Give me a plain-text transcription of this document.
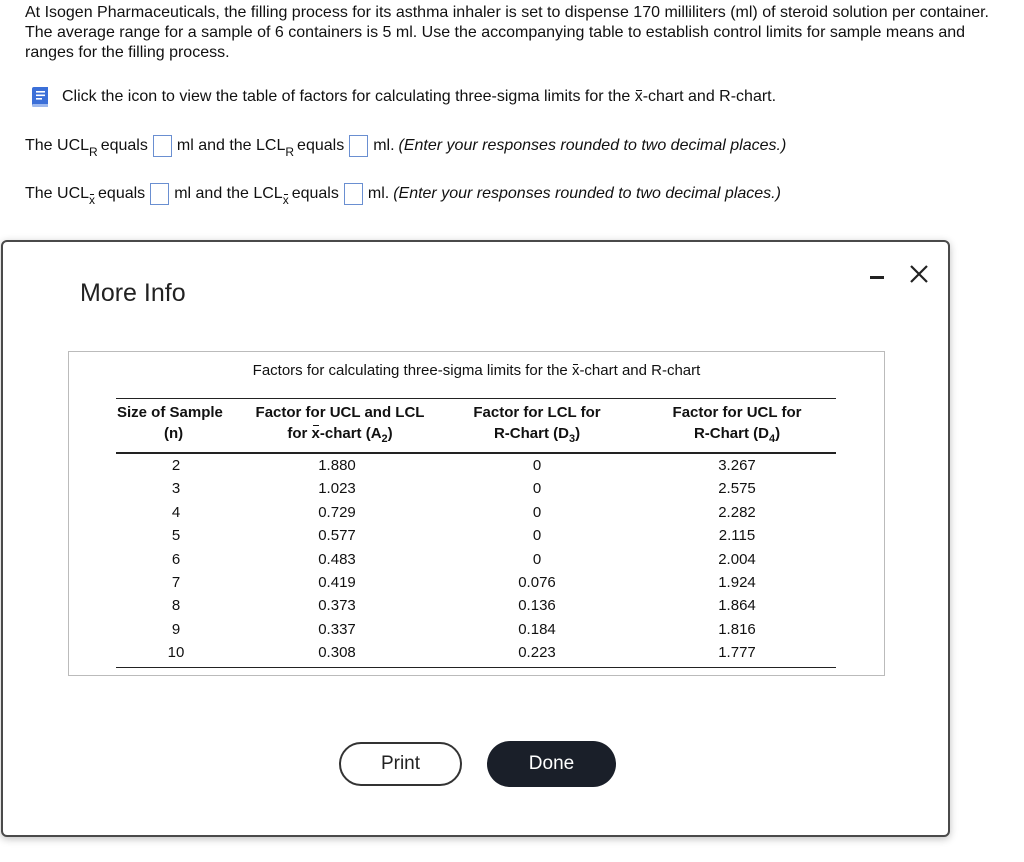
At Isogen Pharmaceuticals, the filling process for its asthma inhaler is set to dispense 170 milliliters (ml) of steroid solution per container. The average range for a sample of 6 containers is 5 ml. Use the accompanying table to establish control limits for sample means and ranges for the filling process.
Click the icon to view the table of factors for calculating three-sigma limits for the x-chart and R-chart.
The UCL R equals ml and the LCL R equals ml. (Enter your responses rounded to two decimal places.)
The UCL x equals ml and the LCL x equals ml. (Enter your responses rounded to two decimal places.)
More Info
Factors for calculating three-sigma limits for the x-chart and R-chart
Size of Sample
(n)
Factor for UCL and LCL
for x-chart $(A_2)$
Factor for LCL for
R-Chart $(D_3)$
Factor for UCL for
R-Chart $(D_4)$
2	1.880	0	3.267
3	1.023	0	2.575
4	0.729	0	2.282
5	0.577	0	2.115
6	0.483	0	2.004
7	0.419	0.076	1.924
8	0.373	0.136	1.864
9	0.337	0.184	1.816
10	0.308	0.223	1.777
Print	Done
